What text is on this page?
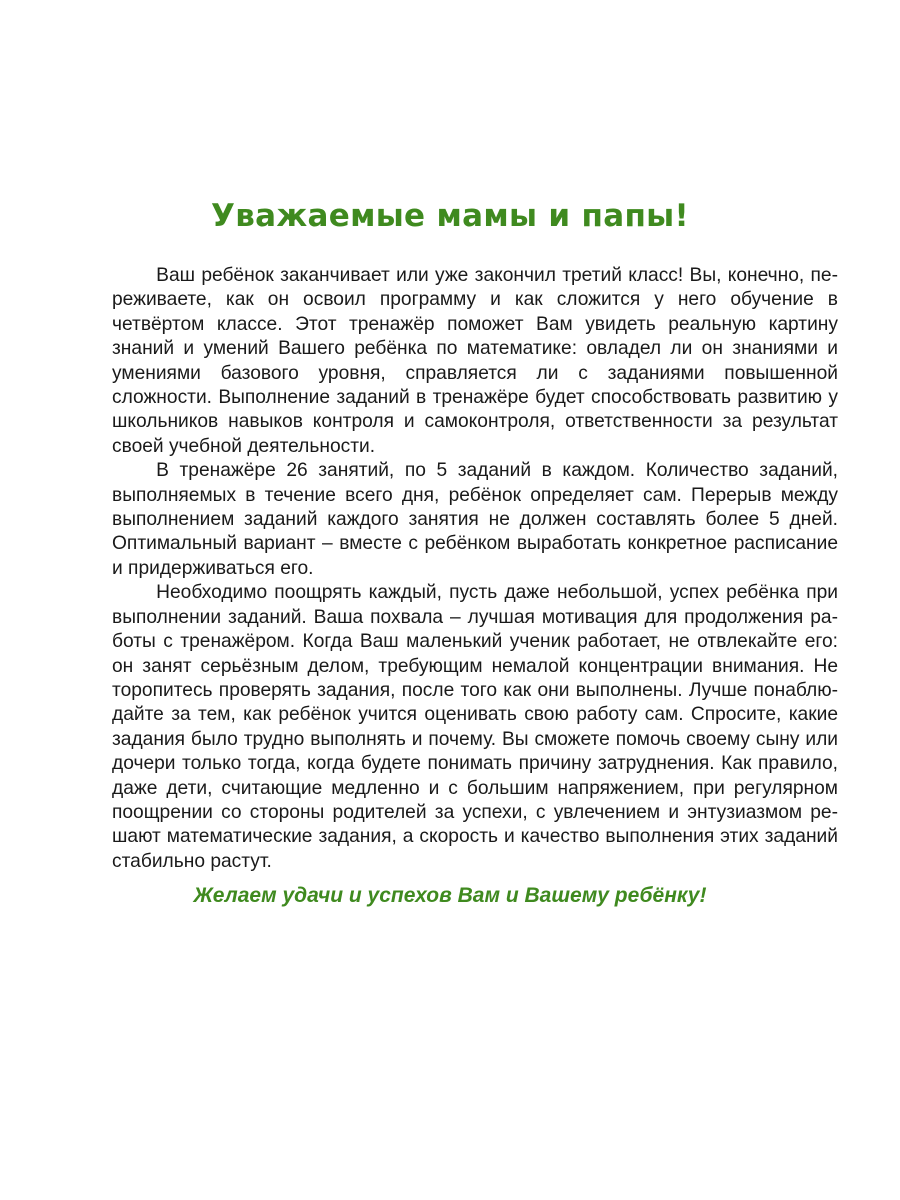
Уважаемые мамы и папы!

Ваш ребёнок заканчивает или уже закончил третий класс! Вы, конечно, переживаете, как он освоил программу и как сложится у него обучение в четвёртом классе. Этот тренажёр поможет Вам увидеть реальную картину знаний и умений Вашего ребёнка по математике: овладел ли он знаниями и умениями базового уровня, справляется ли с заданиями повышенной сложности. Выполнение заданий в тренажёре будет способствовать развитию у школьников навыков контроля и самоконтроля, ответственности за результат своей учебной деятельности.

В тренажёре 26 занятий, по 5 заданий в каждом. Количество заданий, выполняемых в течение всего дня, ребёнок определяет сам. Перерыв между выполнением заданий каждого занятия не должен составлять более 5 дней. Оптимальный вариант – вместе с ребёнком выработать конкретное расписание и придерживаться его.

Необходимо поощрять каждый, пусть даже небольшой, успех ребёнка при выполнении заданий. Ваша похвала – лучшая мотивация для продолжения работы с тренажёром. Когда Ваш маленький ученик работает, не отвлекайте его: он занят серьёзным делом, требующим немалой концентрации внимания. Не торопитесь проверять задания, после того как они выполнены. Лучше понаблюдайте за тем, как ребёнок учится оценивать свою работу сам. Спросите, какие задания было трудно выполнять и почему. Вы сможете помочь своему сыну или дочери только тогда, когда будете понимать причину затруднения. Как правило, даже дети, считающие медленно и с большим напряжением, при регулярном поощрении со стороны родителей за успехи, с увлечением и энтузиазмом решают математические задания, а скорость и качество выполнения этих заданий стабильно растут.

Желаем удачи и успехов Вам и Вашему ребёнку!
